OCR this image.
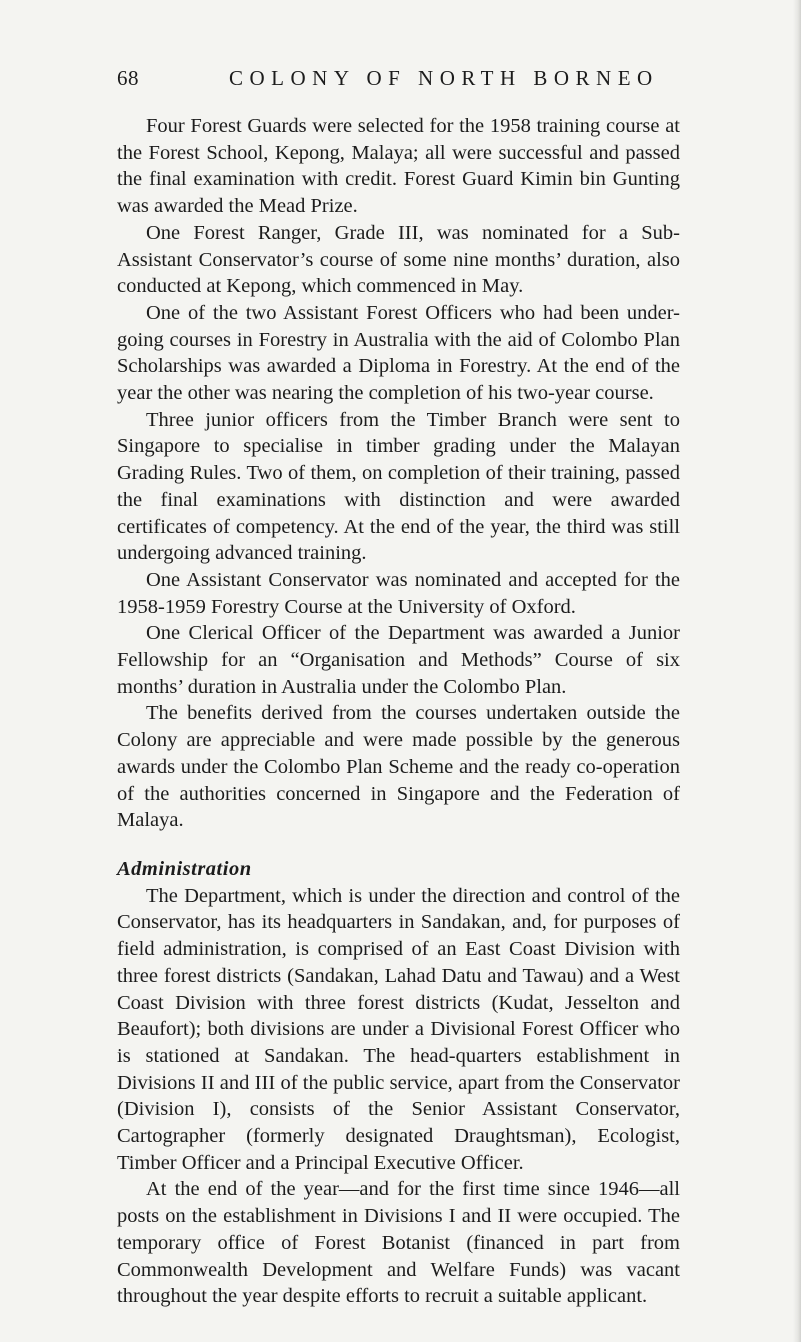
68	COLONY OF NORTH BORNEO

Four Forest Guards were selected for the 1958 training course at the Forest School, Kepong, Malaya; all were successful and passed the final examination with credit. Forest Guard Kimin bin Gunting was awarded the Mead Prize.

One Forest Ranger, Grade III, was nominated for a Sub-Assistant Conservator’s course of some nine months’ duration, also conducted at Kepong, which commenced in May.

One of the two Assistant Forest Officers who had been under-going courses in Forestry in Australia with the aid of Colombo Plan Scholarships was awarded a Diploma in Forestry. At the end of the year the other was nearing the completion of his two-year course.

Three junior officers from the Timber Branch were sent to Singapore to specialise in timber grading under the Malayan Grading Rules. Two of them, on completion of their training, passed the final examinations with distinction and were awarded certificates of competency. At the end of the year, the third was still undergoing advanced training.

One Assistant Conservator was nominated and accepted for the 1958-1959 Forestry Course at the University of Oxford.

One Clerical Officer of the Department was awarded a Junior Fellowship for an “Organisation and Methods” Course of six months’ duration in Australia under the Colombo Plan.

The benefits derived from the courses undertaken outside the Colony are appreciable and were made possible by the generous awards under the Colombo Plan Scheme and the ready co-operation of the authorities concerned in Singapore and the Federation of Malaya.

Administration

The Department, which is under the direction and control of the Conservator, has its headquarters in Sandakan, and, for purposes of field administration, is comprised of an East Coast Division with three forest districts (Sandakan, Lahad Datu and Tawau) and a West Coast Division with three forest districts (Kudat, Jesselton and Beaufort); both divisions are under a Divisional Forest Officer who is stationed at Sandakan. The head-quarters establishment in Divisions II and III of the public service, apart from the Conservator (Division I), consists of the Senior Assistant Conservator, Cartographer (formerly designated Draughtsman), Ecologist, Timber Officer and a Principal Executive Officer.

At the end of the year—and for the first time since 1946—all posts on the establishment in Divisions I and II were occupied. The temporary office of Forest Botanist (financed in part from Commonwealth Development and Welfare Funds) was vacant throughout the year despite efforts to recruit a suitable applicant.
